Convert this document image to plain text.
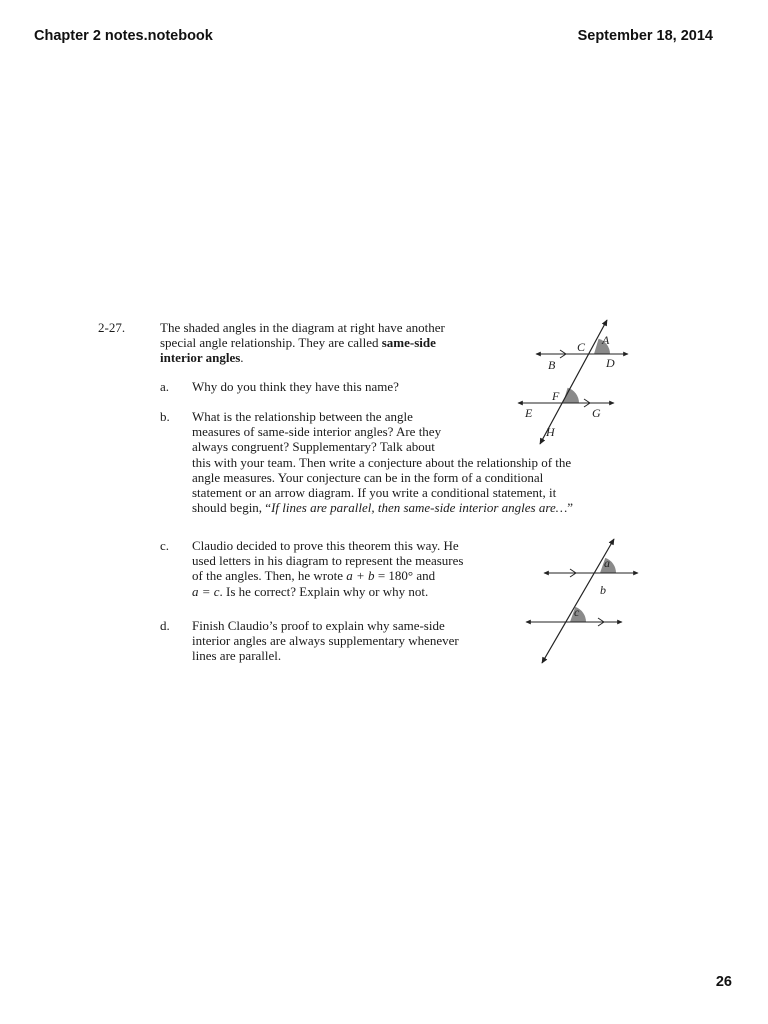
Chapter 2 notes.notebook	September 18, 2014
2-27.	The shaded angles in the diagram at right have another
special angle relationship. They are called same-side
interior angles.
a.	Why do you think they have this name?
b.	What is the relationship between the angle
measures of same-side interior angles? Are they
always congruent? Supplementary? Talk about
this with your team. Then write a conjecture about the relationship of the
angle measures. Your conjecture can be in the form of a conditional
statement or an arrow diagram. If you write a conditional statement, it
should begin, “If lines are parallel, then same-side interior angles are…”
c.	Claudio decided to prove this theorem this way. He
used letters in his diagram to represent the measures
of the angles. Then, he wrote a + b = 180° and
a = c. Is he correct? Explain why or why not.
d.	Finish Claudio’s proof to explain why same-side
interior angles are always supplementary whenever
lines are parallel.
A
C
B	D
F
E	G
H
a
b
c
26
